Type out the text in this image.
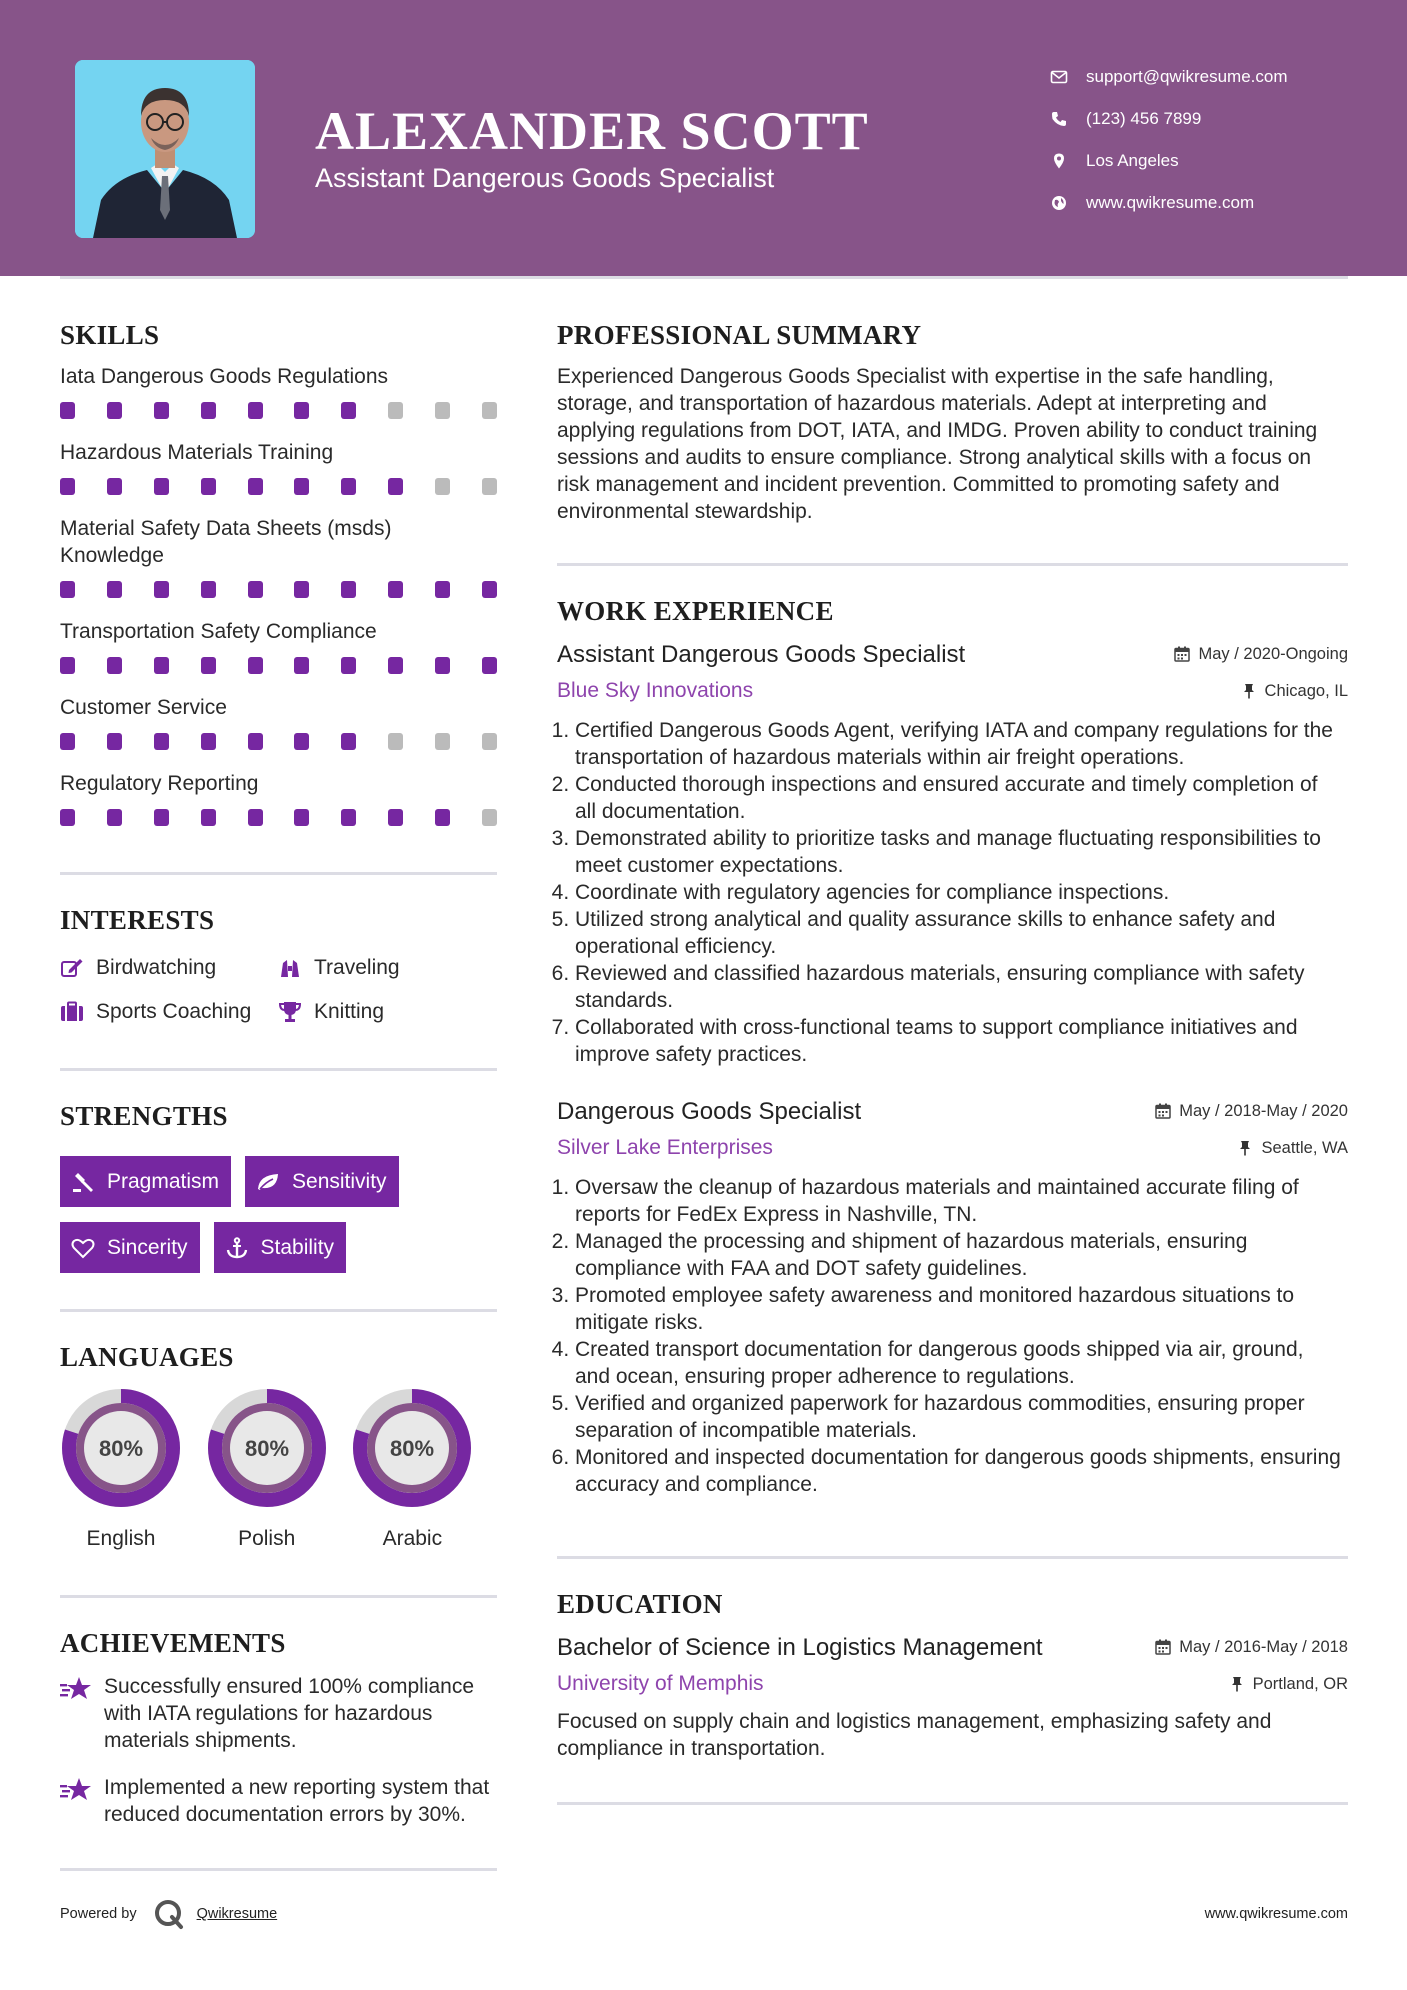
ALEXANDER SCOTT
Assistant Dangerous Goods Specialist
support@qwikresume.com
(123) 456 7899
Los Angeles
www.qwikresume.com
SKILLS
Iata Dangerous Goods Regulations
Hazardous Materials Training
Material Safety Data Sheets (msds) Knowledge
Transportation Safety Compliance
Customer Service
Regulatory Reporting
INTERESTS
Birdwatching	Traveling
Sports Coaching	Knitting
STRENGTHS
Pragmatism	Sensitivity
Sincerity	Stability
LANGUAGES
80%
English
80%
Polish
80%
Arabic
ACHIEVEMENTS
Successfully ensured 100% compliance with IATA regulations for hazardous materials shipments.
Implemented a new reporting system that reduced documentation errors by 30%.
PROFESSIONAL SUMMARY
Experienced Dangerous Goods Specialist with expertise in the safe handling, storage, and transportation of hazardous materials. Adept at interpreting and applying regulations from DOT, IATA, and IMDG. Proven ability to conduct training sessions and audits to ensure compliance. Strong analytical skills with a focus on risk management and incident prevention. Committed to promoting safety and environmental stewardship.
WORK EXPERIENCE
Assistant Dangerous Goods Specialist	May / 2020-Ongoing
Blue Sky Innovations	Chicago, IL
1. Certified Dangerous Goods Agent, verifying IATA and company regulations for the transportation of hazardous materials within air freight operations.
2. Conducted thorough inspections and ensured accurate and timely completion of all documentation.
3. Demonstrated ability to prioritize tasks and manage fluctuating responsibilities to meet customer expectations.
4. Coordinate with regulatory agencies for compliance inspections.
5. Utilized strong analytical and quality assurance skills to enhance safety and operational efficiency.
6. Reviewed and classified hazardous materials, ensuring compliance with safety standards.
7. Collaborated with cross-functional teams to support compliance initiatives and improve safety practices.
Dangerous Goods Specialist	May / 2018-May / 2020
Silver Lake Enterprises	Seattle, WA
1. Oversaw the cleanup of hazardous materials and maintained accurate filing of reports for FedEx Express in Nashville, TN.
2. Managed the processing and shipment of hazardous materials, ensuring compliance with FAA and DOT safety guidelines.
3. Promoted employee safety awareness and monitored hazardous situations to mitigate risks.
4. Created transport documentation for dangerous goods shipped via air, ground, and ocean, ensuring proper adherence to regulations.
5. Verified and organized paperwork for hazardous commodities, ensuring proper separation of incompatible materials.
6. Monitored and inspected documentation for dangerous goods shipments, ensuring accuracy and compliance.
EDUCATION
Bachelor of Science in Logistics Management	May / 2016-May / 2018
University of Memphis	Portland, OR
Focused on supply chain and logistics management, emphasizing safety and compliance in transportation.
Powered by	Qwikresume	www.qwikresume.com
